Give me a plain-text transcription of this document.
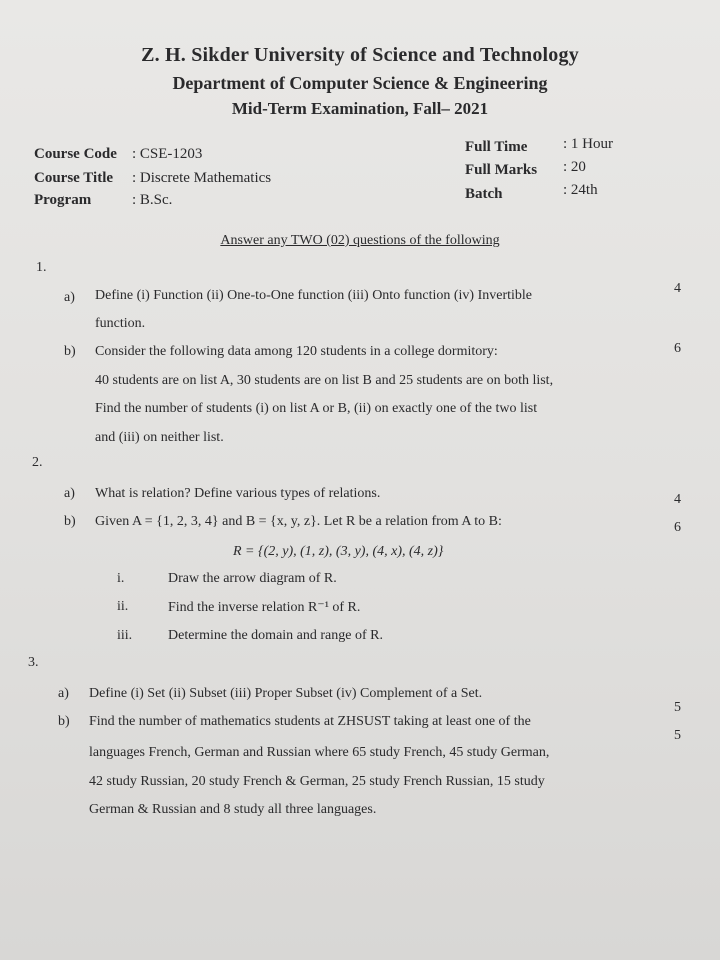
Z. H. Sikder University of Science and Technology
Department of Computer Science & Engineering
Mid-Term Examination, Fall– 2021
Course Code : CSE-1203
Course Title : Discrete Mathematics
Program	: B.Sc.
Full Time : 1 Hour
Full Marks : 20
Batch	: 24th
Answer any TWO (02) questions of the following
1.
a) Define (i) Function (ii) One-to-One function (iii) Onto function (iv) Invertible
function.
4
b) Consider the following data among 120 students in a college dormitory:
40 students are on list A, 30 students are on list B and 25 students are on both list,
Find the number of students (i) on list A or B, (ii) on exactly one of the two list
and (iii) on neither list.
6
2.
a) What is relation? Define various types of relations.	4
b) Given A = {1, 2, 3, 4} and B = {x, y, z}. Let R be a relation from A to B:	6
R = {(2, y), (1, z), (3, y), (4, x), (4, z)}
i.	Draw the arrow diagram of R.
ii.	Find the inverse relation R⁻¹ of R.
iii.	Determine the domain and range of R.
3.
a) Define (i) Set (ii) Subset (iii) Proper Subset (iv) Complement of a Set.
5
b) Find the number of mathematics students at ZHSUST taking at least one of the
languages French, German and Russian where 65 study French, 45 study German,
42 study Russian, 20 study French & German, 25 study French Russian, 15 study
German & Russian and 8 study all three languages.
5
